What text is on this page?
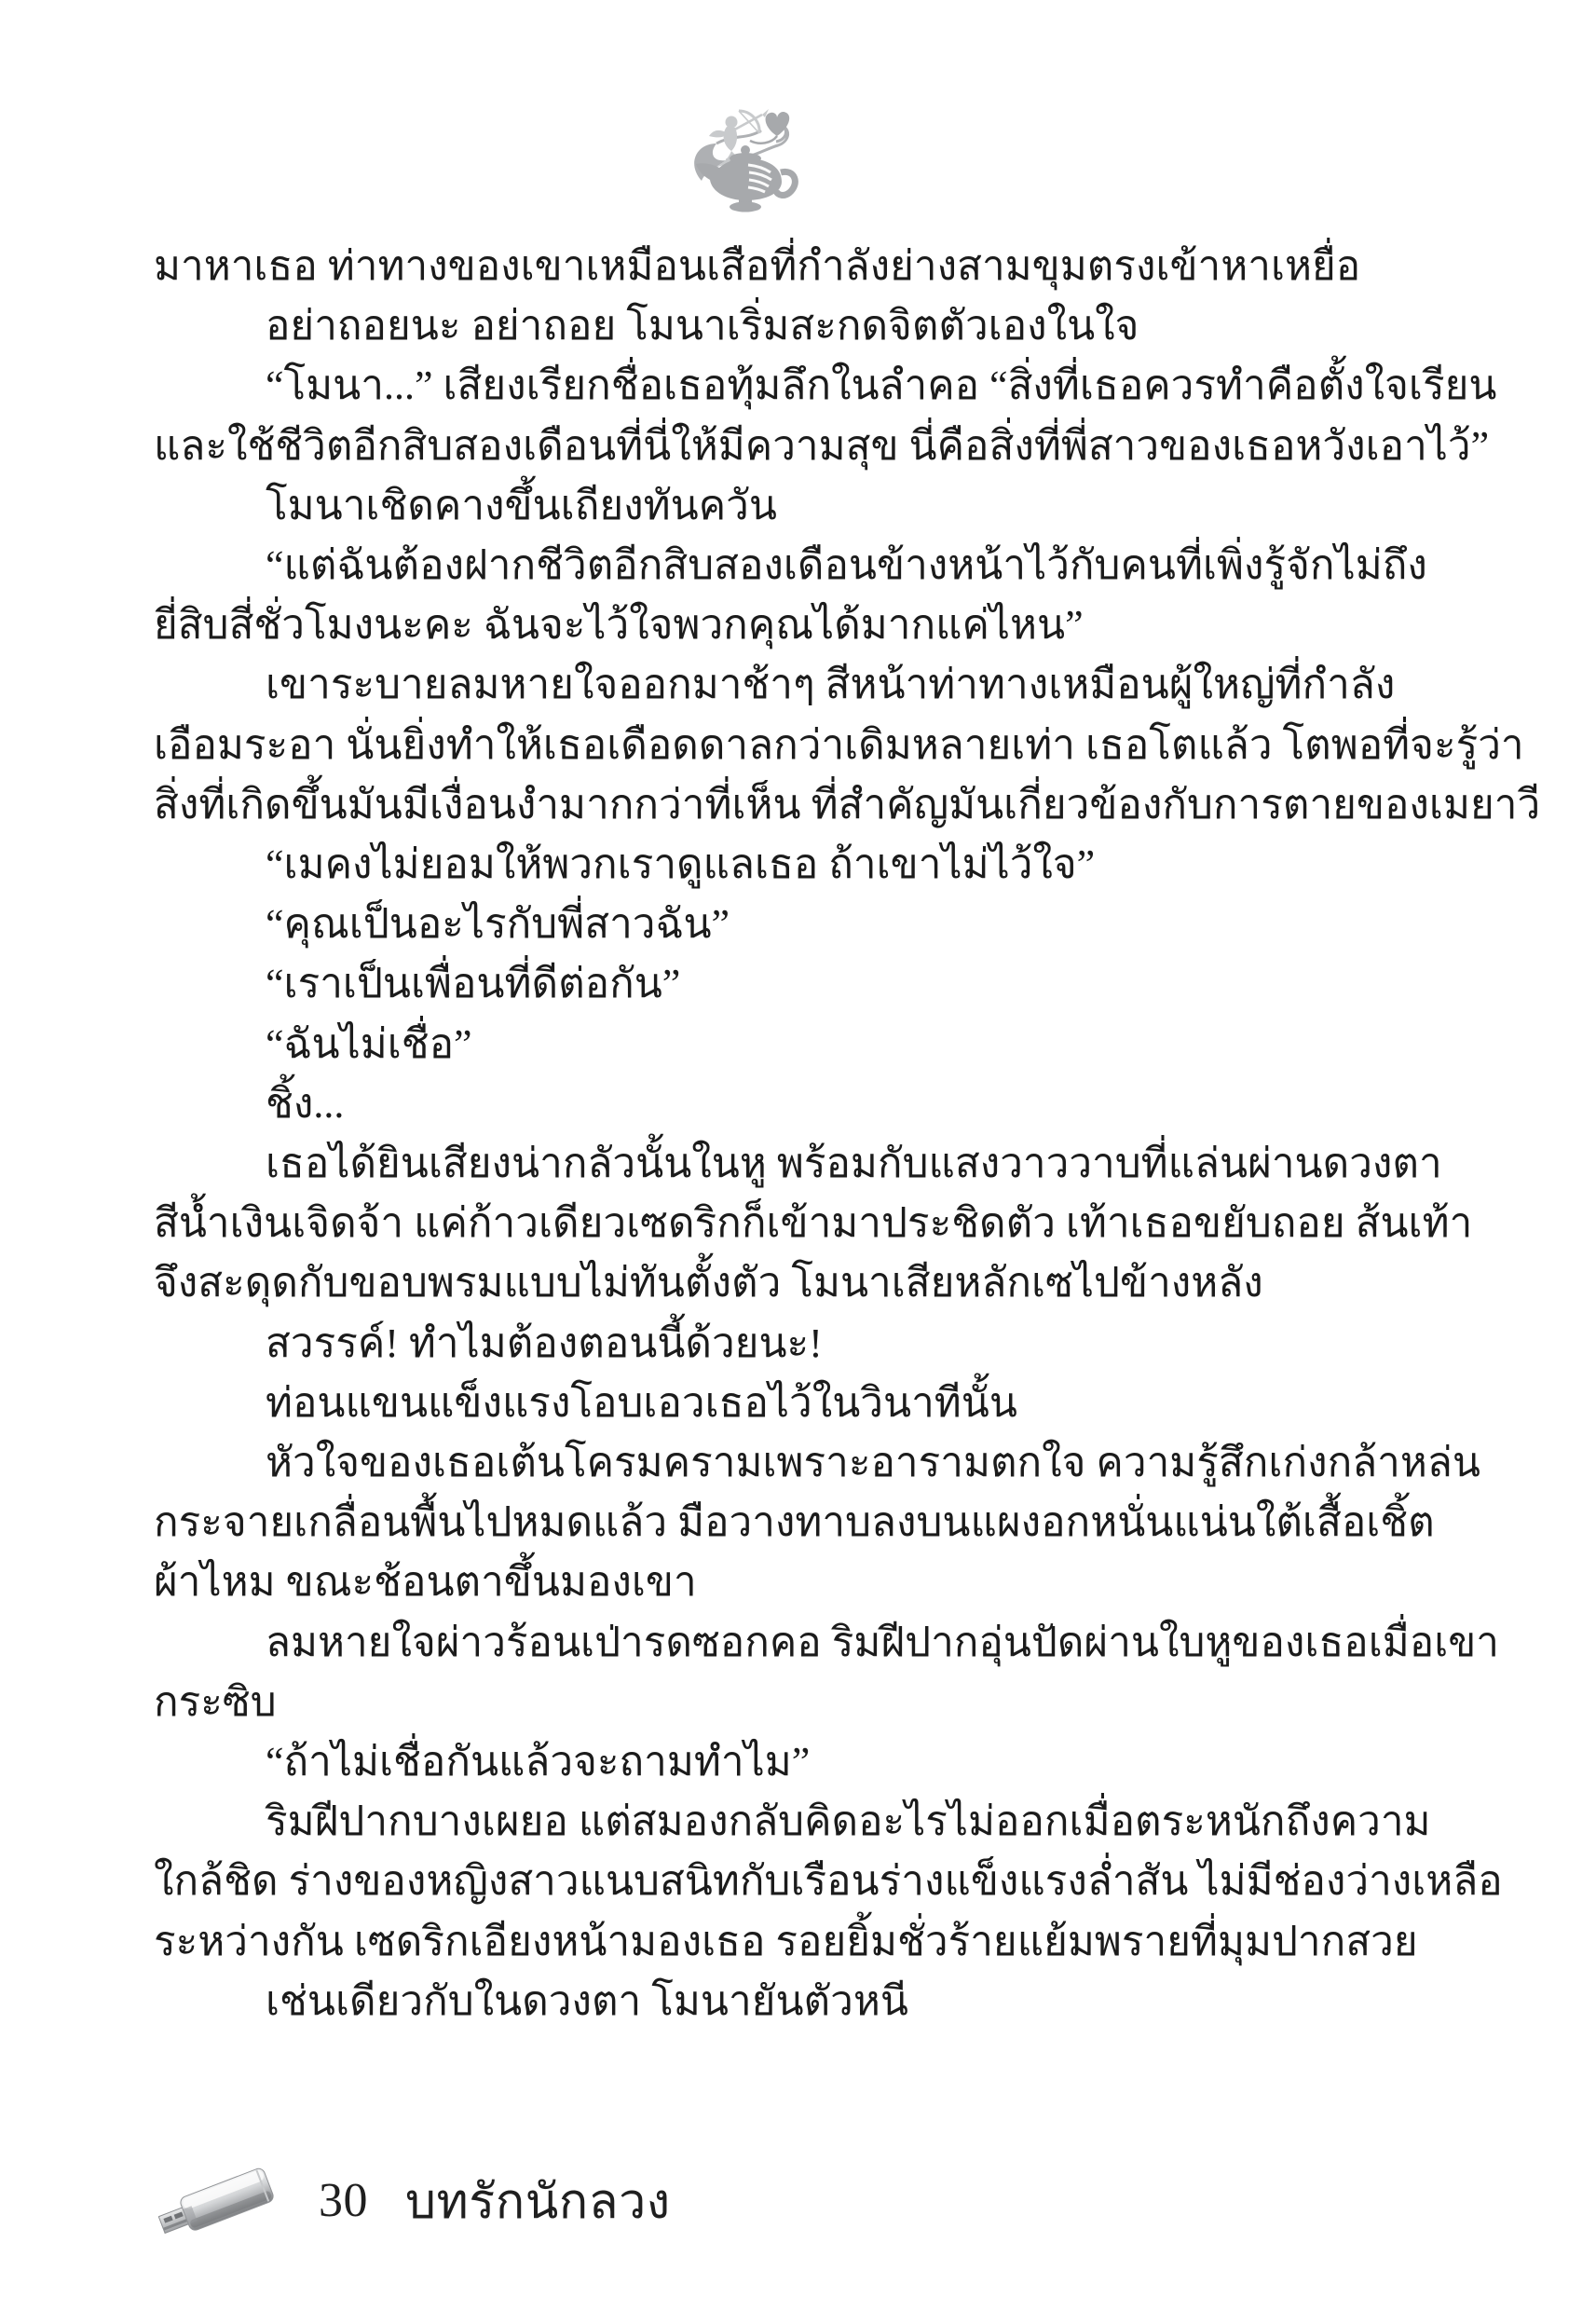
มาหาเธอ ท่าทางของเขาเหมือนเสือที่กำลังย่างสามขุมตรงเข้าหาเหยื่อ

อย่าถอยนะ อย่าถอย โมนาเริ่มสะกดจิตตัวเองในใจ

“โมนา...” เสียงเรียกชื่อเธอทุ้มลึกในลำคอ “สิ่งที่เธอควรทำคือตั้งใจเรียน

และใช้ชีวิตอีกสิบสองเดือนที่นี่ให้มีความสุข นี่คือสิ่งที่พี่สาวของเธอหวังเอาไว้”

โมนาเชิดคางขึ้นเถียงทันควัน

“แต่ฉันต้องฝากชีวิตอีกสิบสองเดือนข้างหน้าไว้กับคนที่เพิ่งรู้จักไม่ถึง

ยี่สิบสี่ชั่วโมงนะคะ ฉันจะไว้ใจพวกคุณได้มากแค่ไหน”

เขาระบายลมหายใจออกมาช้าๆ สีหน้าท่าทางเหมือนผู้ใหญ่ที่กำลัง

เอือมระอา นั่นยิ่งทำให้เธอเดือดดาลกว่าเดิมหลายเท่า เธอโตแล้ว โตพอที่จะรู้ว่า

สิ่งที่เกิดขึ้นมันมีเงื่อนงำมากกว่าที่เห็น ที่สำคัญมันเกี่ยวข้องกับการตายของเมยาวี

“เมคงไม่ยอมให้พวกเราดูแลเธอ ถ้าเขาไม่ไว้ใจ”

“คุณเป็นอะไรกับพี่สาวฉัน”

“เราเป็นเพื่อนที่ดีต่อกัน”

“ฉันไม่เชื่อ”

ชิ้ง...

เธอได้ยินเสียงน่ากลัวนั้นในหู พร้อมกับแสงวาววาบที่แล่นผ่านดวงตา

สีน้ำเงินเจิดจ้า แค่ก้าวเดียวเซดริกก็เข้ามาประชิดตัว เท้าเธอขยับถอย ส้นเท้า

จึงสะดุดกับขอบพรมแบบไม่ทันตั้งตัว โมนาเสียหลักเซไปข้างหลัง

สวรรค์! ทำไมต้องตอนนี้ด้วยนะ!

ท่อนแขนแข็งแรงโอบเอวเธอไว้ในวินาทีนั้น

หัวใจของเธอเต้นโครมครามเพราะอารามตกใจ ความรู้สึกเก่งกล้าหล่น

กระจายเกลื่อนพื้นไปหมดแล้ว มือวางทาบลงบนแผงอกหนั่นแน่นใต้เสื้อเชิ้ต

ผ้าไหม ขณะช้อนตาขึ้นมองเขา

ลมหายใจผ่าวร้อนเป่ารดซอกคอ ริมฝีปากอุ่นปัดผ่านใบหูของเธอเมื่อเขา

กระซิบ

“ถ้าไม่เชื่อกันแล้วจะถามทำไม”

ริมฝีปากบางเผยอ แต่สมองกลับคิดอะไรไม่ออกเมื่อตระหนักถึงความ

ใกล้ชิด ร่างของหญิงสาวแนบสนิทกับเรือนร่างแข็งแรงล่ำสัน ไม่มีช่องว่างเหลือ

ระหว่างกัน เซดริกเอียงหน้ามองเธอ รอยยิ้มชั่วร้ายแย้มพรายที่มุมปากสวย

เช่นเดียวกับในดวงตา โมนายันตัวหนี

30 บทรักนักลวง
